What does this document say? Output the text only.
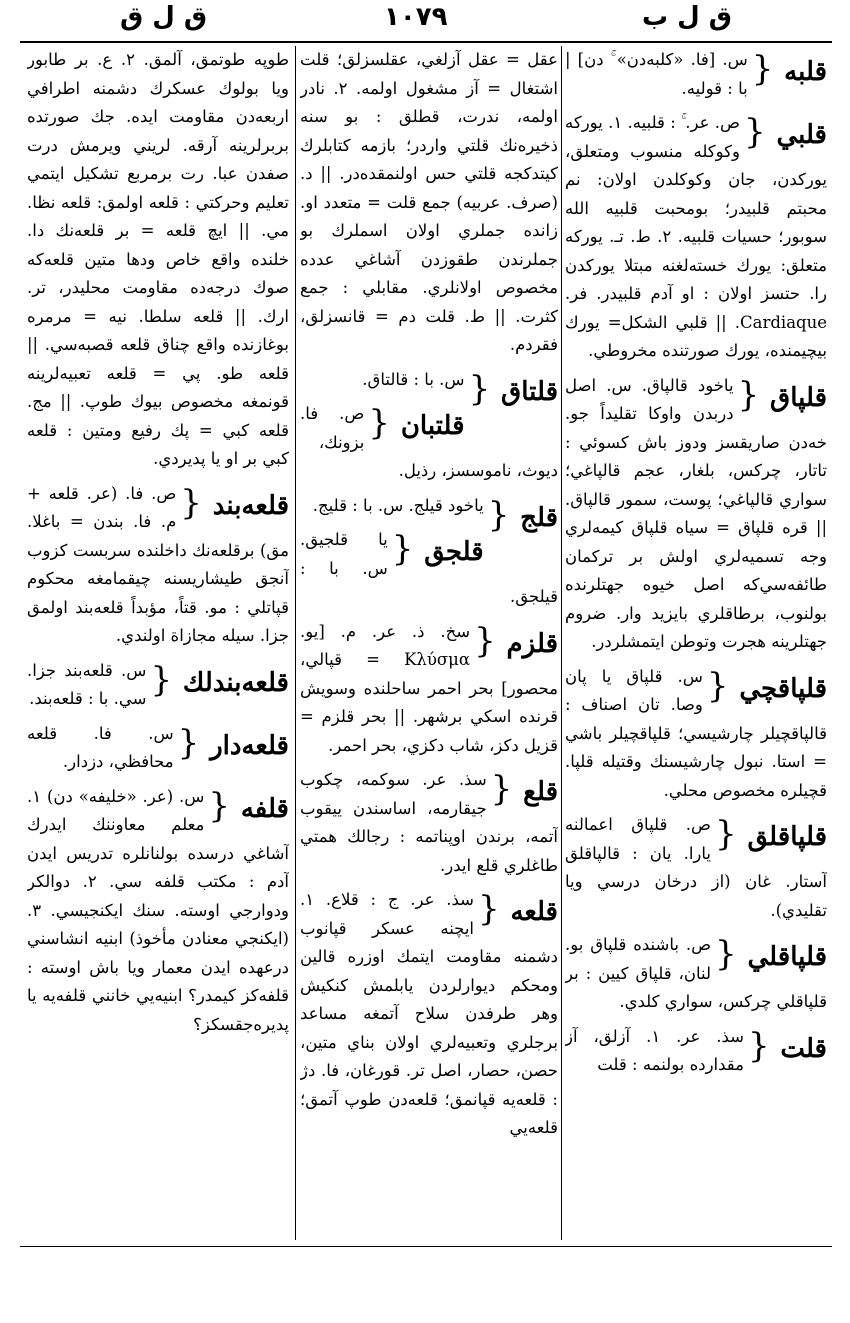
ق ل ق	١٠٧٩	ق ل ب
قلبه {
س. [فا. «كلبه‌دن» ۚ دن] | با : قوليه.
قلبي {
ص. عر. ۚ : قلبيه. ١. يوركه وكوكله منسوب ومتعلق، يوركدن، جان وكوكلدن اولان: نم محبتم قلبيدر؛ بومحبت قلبيه الله سوبور؛ حسيات قلبيه. ٢. ط. تـ. يوركه متعلق: يورك خسته‌لغنه مبتلا يوركدن را. حتسز اولان : او آدم قلبيدر. فر. Cardiaque. || قلبي الشكل= يورك بيچيمنده، يورك صورتنده مخروطي.
قلپاق {
ياخود قالپاق. س. اصل دربدن واوكا تقليداً جو. خه‌دن صاريقسز ودوز باش كسوئي : تاتار، چركس، بلغار، عجم قالپاغي؛ سواري قالپاغي؛ پوست، سمور قالپاق. || قره قلپاق = سياه قلپاق كيمه‌لري وجه تسميه‌لري اولش بر تركمان طائفه‌سي‌كه اصل خيوه جهتلرنده بولنوب، برطاقلري بايزيد وار. ضروم جهتلرينه هجرت وتوطن ايتمشلردر.
قلپاقچي {
س. قلپاق يا پان وصا. تان اصناف : قالپاقچيلر چارشيسي؛ قلپاقچيلر باشي = استا. نبول چارشيسنك وقتيله قلپا. قچيلره مخصوص محلي.
قلپاقلق {
ص. قلپاق اعمالنه يارا. يان : قالپاقلق آستار. غان (از درخان درسي ويا تقليدي).
قلپاقلي {
ص. باشنده قلپاق بو. لنان، قلپاق كيين : بر قلپاقلي چركس، سواري كلدي.
قلت {
سذ. عر. ١. آزلق، آز مقدارده بولنمه : قلت
عقل = عقل آزلغي، عقلسزلق؛ قلت اشتغال = آز مشغول اولمه. ٢. نادر اولمه، ندرت، قطلق : بو سنه ذخيره‌نك قلتي واردر؛ بازمه كتابلرك كيتدكجه قلتي حس اولنمقده‌در. || د. (صرف. عربيه) جمع قلت = متعدد او. زانده جملري اولان اسملرك بو جملرندن طقوزدن آشاغي عدده مخصوص اولانلري. مقابلي : جمع كثرت. || ط. قلت دم = قانسزلق، فقردم.
قلتاق {
س. با : قالتاق.
قلتبان {
ص. فا. بزونك، ديوث، ناموسسز، رذيل.
قلج {
ياخود قيلج. س. با : قليج.
قلجق {
يا قلجيق. س. با : قيلجق.
قلزم {
سخ. ذ. عر. م. [يو. Κλύσμα = قپالي، محصور] بحر احمر ساحلنده وسويش قرنده اسكي برشهر. || بحر قلزم = قزيل دكز، شاب دكزي، بحر احمر.
قلع {
سذ. عر. سوكمه، چكوب جيقارمه، اساسندن ييقوب آتمه، برندن اوپناتمه : رجالك همتي طاغلري قلع ايدر.
قلعه {
سذ. عر. ج : قلاع. ١. ايچنه عسكر قپانوب دشمنه مقاومت ايتمك اوزره قالين ومحكم ديوارلردن يابلمش كنكيش وهر طرفدن سلاح آتمغه مساعد برجلري وتعبيه‌لري اولان بناي متين، حصن، حصار، اصل تر. قورغان، فا. دژ : قلعه‌يه قپانمق؛ قلعه‌دن طوپ آتمق؛ قلعه‌يي
طوپه طوتمق، آلمق. ٢. ع. بر طابور ويا بولوك عسكرك دشمنه اطرافي اربعه‌دن مقاومت ايده. جك صورتده بربرلرينه آرقه. لريني ويرمش درت صفدن عبا. رت برمربع تشكيل ايتمي تعليم وحركتي : قلعه اولمق: قلعه نظا. مي. || ايچ قلعه = بر قلعه‌نك دا. خلنده واقع خاص ودها متين قلعه‌كه صوك درجه‌ده مقاومت محليدر، تر. ارك. || قلعه سلطا. نيه = مرمره بوغازنده واقع چناق قلعه قصبه‌سي. || قلعه طو. پي = قلعه تعبيه‌لرينه قونمغه مخصوص بيوك طوپ. || مج. قلعه كبي = پك رفيع ومتين : قلعه كبي بر او يا پديردي.
قلعه‌بند {
ص. فا. (عر. قلعه + م. فا. بندن = باغلا. مق) برقلعه‌نك داخلنده سربست كزوب آنجق طيشاريسنه چيقمامغه محكوم قپاتلي : مو. قتاً، مؤبداً قلعه‌بند اولمق جزا. سيله مجازاة اولندي.
قلعه‌بندلك {
س. قلعه‌بند جزا. سي. با : قلعه‌بند.
قلعه‌دار {
س. فا. قلعه محافظي، دزدار.
قلفه {
س. (عر. «خليفه» دن) ١. معلم معاوننك ايدرك آشاغي درسده بولنانلره تدريس ايدن آدم : مكتب قلفه سي. ٢. دوالكر ودوارجي اوسته. سنك ايكنجيسي. ٣. (ايكنجي معنادن مأخوذ) ابنيه انشاسني درعهده ايدن معمار ويا باش اوسته : قلفه‌كز كيمدر؟ ابنيه‌يي خانني قلفه‌يه يا پديره‌جقسكز؟
